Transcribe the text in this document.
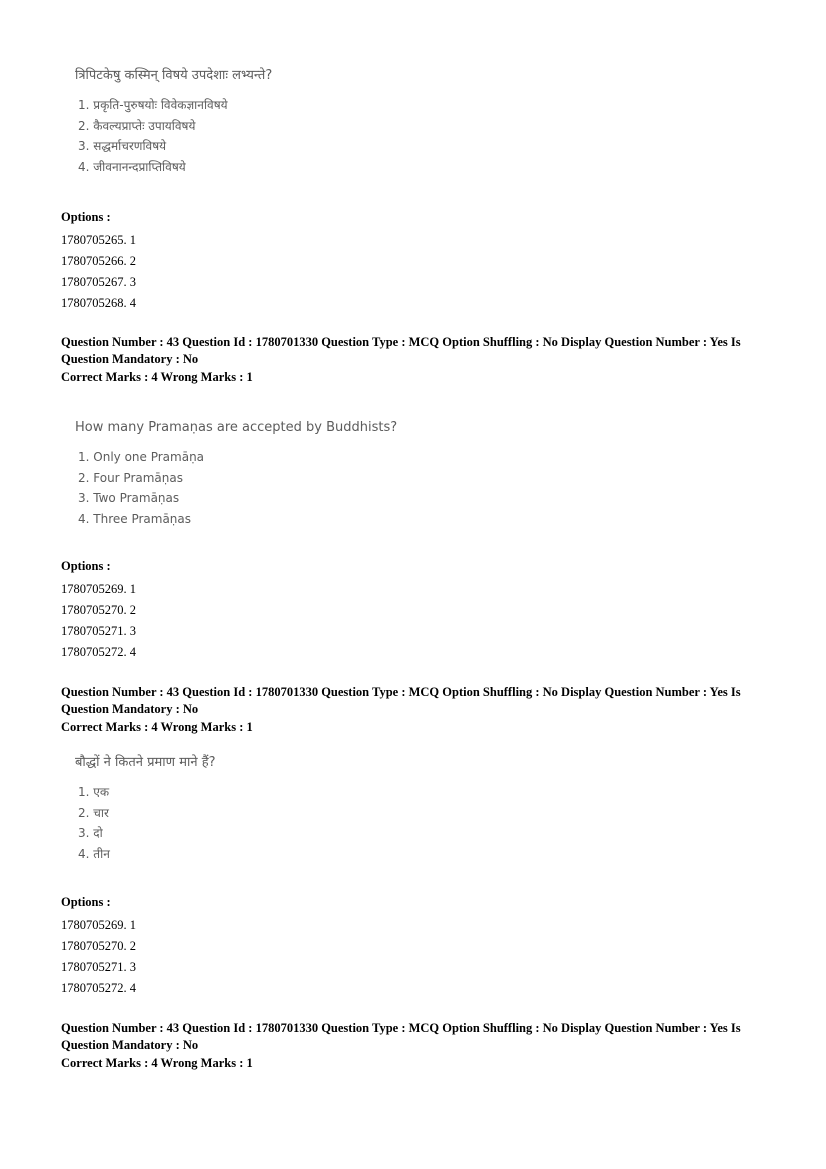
त्रिपिटकेषु कस्मिन् विषये उपदेशाः लभ्यन्ते?
1. प्रकृति-पुरुषयोः विवेकज्ञानविषये
2. कैवल्यप्राप्तेः उपायविषये
3. सद्धर्माचरणविषये
4. जीवनानन्दप्राप्तिविषये
Options :
1780705265. 1
1780705266. 2
1780705267. 3
1780705268. 4
Question Number : 43 Question Id : 1780701330 Question Type : MCQ Option Shuffling : No Display Question Number : Yes Is Question Mandatory : No
Correct Marks : 4 Wrong Marks : 1
How many Pramaṇas are accepted by Buddhists?
1. Only one Pramāṇa
2. Four Pramāṇas
3. Two Pramāṇas
4. Three Pramāṇas
Options :
1780705269. 1
1780705270. 2
1780705271. 3
1780705272. 4
Question Number : 43 Question Id : 1780701330 Question Type : MCQ Option Shuffling : No Display Question Number : Yes Is Question Mandatory : No
Correct Marks : 4 Wrong Marks : 1
बौद्धों ने कितने प्रमाण माने हैं?
1. एक
2. चार
3. दो
4. तीन
Options :
1780705269. 1
1780705270. 2
1780705271. 3
1780705272. 4
Question Number : 43 Question Id : 1780701330 Question Type : MCQ Option Shuffling : No Display Question Number : Yes Is Question Mandatory : No
Correct Marks : 4 Wrong Marks : 1
